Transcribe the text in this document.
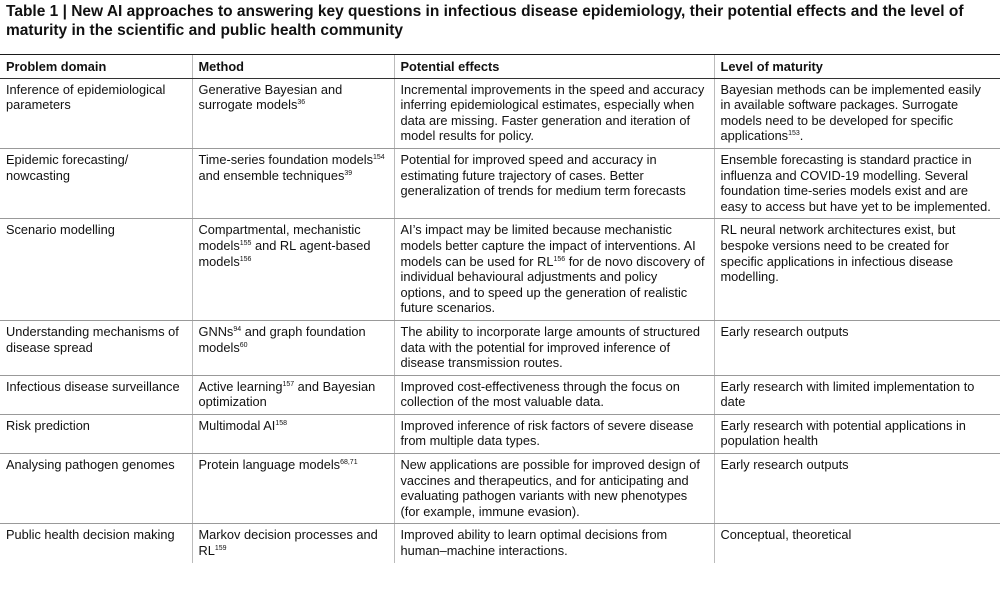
Table 1 | New AI approaches to answering key questions in infectious disease epidemiology, their potential effects and the level of maturity in the scientific and public health community
Problem domain	Method	Potential effects	Level of maturity
Inference of epidemiological parameters	Generative Bayesian and surrogate models$^{36}$	Incremental improvements in the speed and accuracy inferring epidemiological estimates, especially when data are missing. Faster generation and iteration of model results for policy.	Bayesian methods can be implemented easily in available software packages. Surrogate models need to be developed for specific applications$^{153}$.
Epidemic forecasting/ nowcasting	Time-series foundation models$^{154}$ and ensemble techniques$^{39}$	Potential for improved speed and accuracy in estimating future trajectory of cases. Better generalization of trends for medium term forecasts	Ensemble forecasting is standard practice in influenza and COVID-19 modelling. Several foundation time-series models exist and are easy to access but have yet to be implemented.
Scenario modelling	Compartmental, mechanistic models$^{155}$ and RL agent-based models$^{156}$	AI’s impact may be limited because mechanistic models better capture the impact of interventions. AI models can be used for RL$^{156}$ for de novo discovery of individual behavioural adjustments and policy options, and to speed up the generation of realistic future scenarios.	RL neural network architectures exist, but bespoke versions need to be created for specific applications in infectious disease modelling.
Understanding mechanisms of disease spread	GNNs$^{94}$ and graph foundation models$^{60}$	The ability to incorporate large amounts of structured data with the potential for improved inference of disease transmission routes.	Early research outputs
Infectious disease surveillance	Active learning$^{157}$ and Bayesian optimization	Improved cost-effectiveness through the focus on collection of the most valuable data.	Early research with limited implementation to date
Risk prediction	Multimodal AI$^{158}$	Improved inference of risk factors of severe disease from multiple data types.	Early research with potential applications in population health
Analysing pathogen genomes	Protein language models$^{68,71}$	New applications are possible for improved design of vaccines and therapeutics, and for anticipating and evaluating pathogen variants with new phenotypes (for example, immune evasion).	Early research outputs
Public health decision making	Markov decision processes and RL$^{159}$	Improved ability to learn optimal decisions from human–machine interactions.	Conceptual, theoretical
